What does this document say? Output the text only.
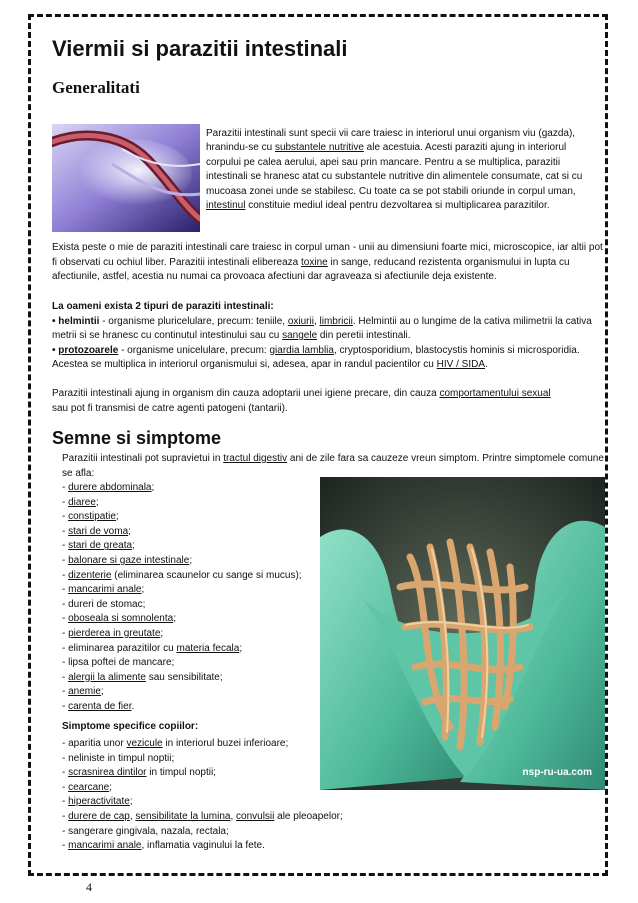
Viermii si parazitii intestinali
Generalitati
Parazitii intestinali sunt specii vii care traiesc in interiorul unui organism viu (gazda), hranindu-se cu substantele nutritive ale acestuia. Acesti paraziti ajung in interiorul corpului pe calea aerului, apei sau prin mancare. Pentru a se multiplica, parazitii intestinali se hranesc atat cu substantele nutritive din alimentele consumate, cat si cu mucoasa zonei unde se stabilesc. Cu toate ca se pot stabili oriunde in corpul uman, intestinul constituie mediul ideal pentru dezvoltarea si multiplicarea parazitilor.
Exista peste o mie de paraziti intestinali care traiesc in corpul uman - unii au dimensiuni foarte mici, microscopice, iar altii pot fi observati cu ochiul liber. Parazitii intestinali elibereaza toxine in sange, reducand rezistenta organismului in lupta cu afectiunile, astfel, acestia nu numai ca provoaca afectiuni dar agraveaza si afectiunile deja existente.
La oameni exista 2 tipuri de paraziti intestinali:
• helmintii - organisme pluricelulare, precum: teniile, oxiurii, limbricii. Helmintii au o lungime de la cativa milimetrii la cativa metrii si se hranesc cu continutul intestinului sau cu sangele din peretii intestinali.
• protozoarele - organisme unicelulare, precum: giardia lamblia, cryptosporidium, blastocystis hominis si microsporidia. Acestea se multiplica in interiorul organismului si, adesea, apar in randul pacientilor cu HIV / SIDA.
Parazitii intestinali ajung in organism din cauza adoptarii unei igiene precare, din cauza comportamentului sexual sau pot fi transmisi de catre agenti patogeni (tantarii).
Semne si simptome
Parazitii intestinali pot supravietui in tractul digestiv ani de zile fara sa cauzeze vreun simptom. Printre simptomele comune se afla:
- durere abdominala;
- diaree;
- constipatie;
- stari de voma;
- stari de greata;
- balonare si gaze intestinale;
- dizenterie (eliminarea scaunelor cu sange si mucus);
- mancarimi anale;
- dureri de stomac;
- oboseala si somnolenta;
- pierderea in greutate;
- eliminarea parazitilor cu materia fecala;
- lipsa poftei de mancare;
- alergii la alimente sau sensibilitate;
- anemie;
- carenta de fier.
Simptome specifice copiilor:
- aparitia unor vezicule in interiorul buzei inferioare;
- neliniste in timpul noptii;
- scrasnirea dintilor in timpul noptii;
- cearcane;
- hiperactivitate;
- durere de cap, sensibilitate la lumina, convulsii ale pleoapelor;
- sangerare gingivala, nazala, rectala;
- mancarimi anale, inflamatia vaginului la fete.
nsp-ru-ua.com
4
